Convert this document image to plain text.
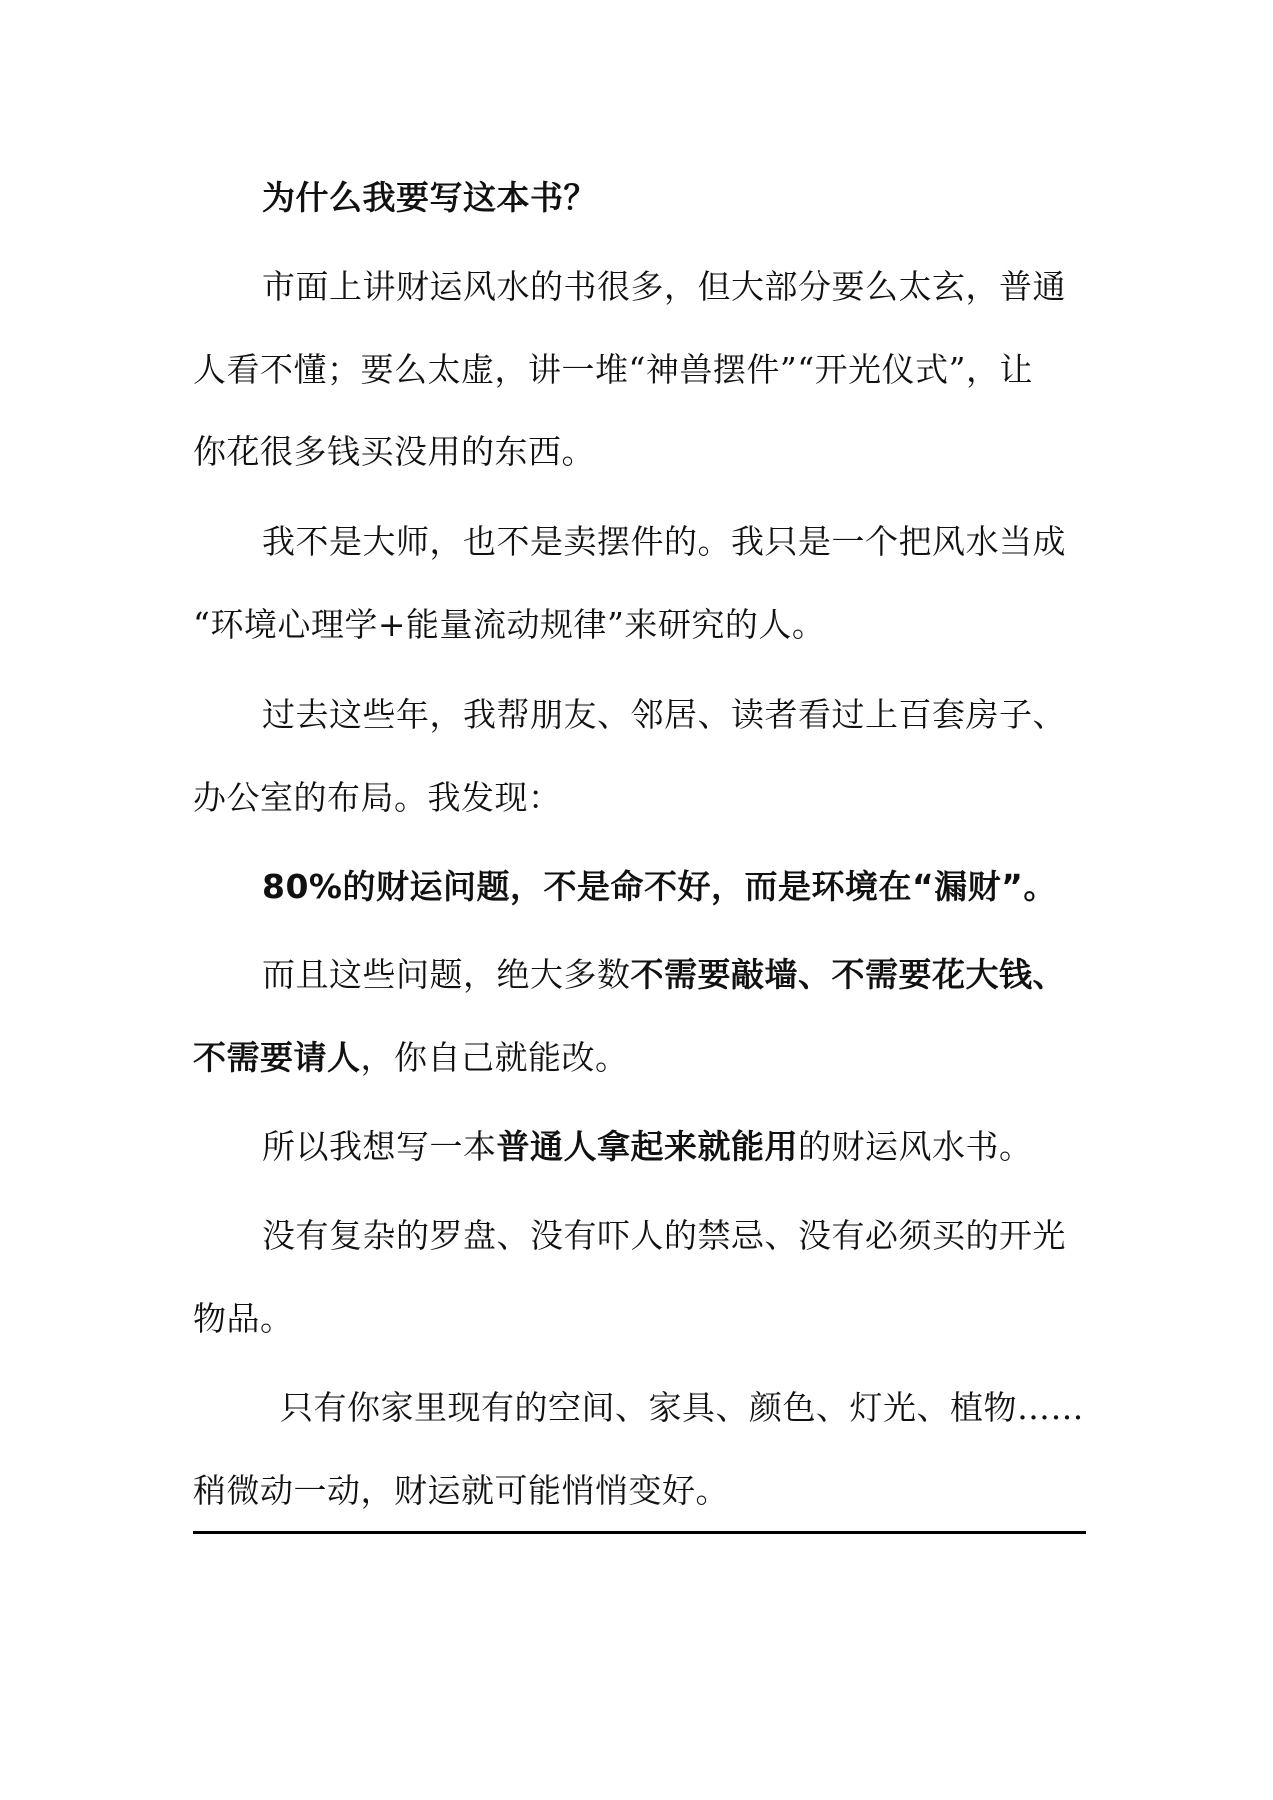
为什么我要写这本书？
市面上讲财运风水的书很多，但大部分要么太玄，普通
人看不懂；要么太虚，讲一堆“神兽摆件”“开光仪式”，让
你花很多钱买没用的东西。
我不是大师，也不是卖摆件的。我只是一个把风水当成
“环境心理学+能量流动规律”来研究的人。
过去这些年，我帮朋友、邻居、读者看过上百套房子、
办公室的布局。我发现：
80%的财运问题，不是命不好，而是环境在“漏财”。
而且这些问题，绝大多数不需要敲墙、不需要花大钱、
不需要请人，你自己就能改。
所以我想写一本普通人拿起来就能用的财运风水书。
没有复杂的罗盘、没有吓人的禁忌、没有必须买的开光
物品。
只有你家里现有的空间、家具、颜色、灯光、植物……
稍微动一动，财运就可能悄悄变好。
